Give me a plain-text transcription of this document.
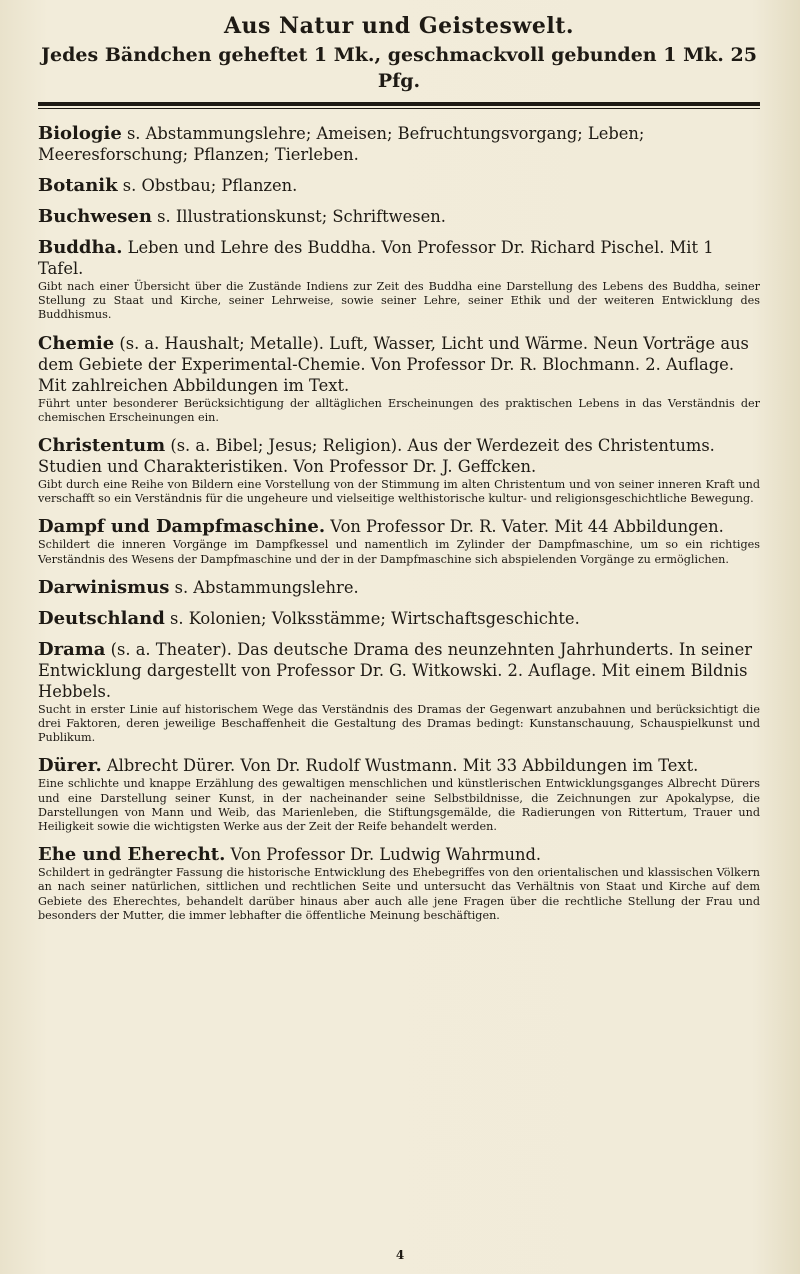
Aus Natur und Geisteswelt.
Jedes Bändchen geheftet 1 Mk., geschmackvoll gebunden 1 Mk. 25 Pfg.
Biologie s. Abstammungslehre; Ameisen; Befruchtungsvorgang; Leben; Meeresforschung; Pflanzen; Tierleben.
Botanik s. Obstbau; Pflanzen.
Buchwesen s. Illustrationskunst; Schriftwesen.
Buddha. Leben und Lehre des Buddha. Von Professor Dr. Richard Pischel. Mit 1 Tafel.
Gibt nach einer Übersicht über die Zustände Indiens zur Zeit des Buddha eine Darstellung des Lebens des Buddha, seiner Stellung zu Staat und Kirche, seiner Lehrweise, sowie seiner Lehre, seiner Ethik und der weiteren Entwicklung des Buddhismus.
Chemie (s. a. Haushalt; Metalle). Luft, Wasser, Licht und Wärme. Neun Vorträge aus dem Gebiete der Experimental-Chemie. Von Professor Dr. R. Blochmann. 2. Auflage. Mit zahlreichen Abbildungen im Text.
Führt unter besonderer Berücksichtigung der alltäglichen Erscheinungen des praktischen Lebens in das Verständnis der chemischen Erscheinungen ein.
Christentum (s. a. Bibel; Jesus; Religion). Aus der Werdezeit des Christentums. Studien und Charakteristiken. Von Professor Dr. J. Geffcken.
Gibt durch eine Reihe von Bildern eine Vorstellung von der Stimmung im alten Christentum und von seiner inneren Kraft und verschafft so ein Verständnis für die ungeheure und vielseitige welthistorische kultur- und religionsgeschichtliche Bewegung.
Dampf und Dampfmaschine. Von Professor Dr. R. Vater. Mit 44 Abbildungen.
Schildert die inneren Vorgänge im Dampfkessel und namentlich im Zylinder der Dampfmaschine, um so ein richtiges Verständnis des Wesens der Dampfmaschine und der in der Dampfmaschine sich abspielenden Vorgänge zu ermöglichen.
Darwinismus s. Abstammungslehre.
Deutschland s. Kolonien; Volksstämme; Wirtschaftsgeschichte.
Drama (s. a. Theater). Das deutsche Drama des neunzehnten Jahrhunderts. In seiner Entwicklung dargestellt von Professor Dr. G. Witkowski. 2. Auflage. Mit einem Bildnis Hebbels.
Sucht in erster Linie auf historischem Wege das Verständnis des Dramas der Gegenwart anzubahnen und berücksichtigt die drei Faktoren, deren jeweilige Beschaffenheit die Gestaltung des Dramas bedingt: Kunstanschauung, Schauspielkunst und Publikum.
Dürer. Albrecht Dürer. Von Dr. Rudolf Wustmann. Mit 33 Abbildungen im Text.
Eine schlichte und knappe Erzählung des gewaltigen menschlichen und künstlerischen Entwicklungsganges Albrecht Dürers und eine Darstellung seiner Kunst, in der nacheinander seine Selbstbildnisse, die Zeichnungen zur Apokalypse, die Darstellungen von Mann und Weib, das Marienleben, die Stiftungsgemälde, die Radierungen von Rittertum, Trauer und Heiligkeit sowie die wichtigsten Werke aus der Zeit der Reife behandelt werden.
Ehe und Eherecht. Von Professor Dr. Ludwig Wahrmund.
Schildert in gedrängter Fassung die historische Entwicklung des Ehebegriffes von den orientalischen und klassischen Völkern an nach seiner natürlichen, sittlichen und rechtlichen Seite und untersucht das Verhältnis von Staat und Kirche auf dem Gebiete des Eherechtes, behandelt darüber hinaus aber auch alle jene Fragen über die rechtliche Stellung der Frau und besonders der Mutter, die immer lebhafter die öffentliche Meinung beschäftigen.
4
